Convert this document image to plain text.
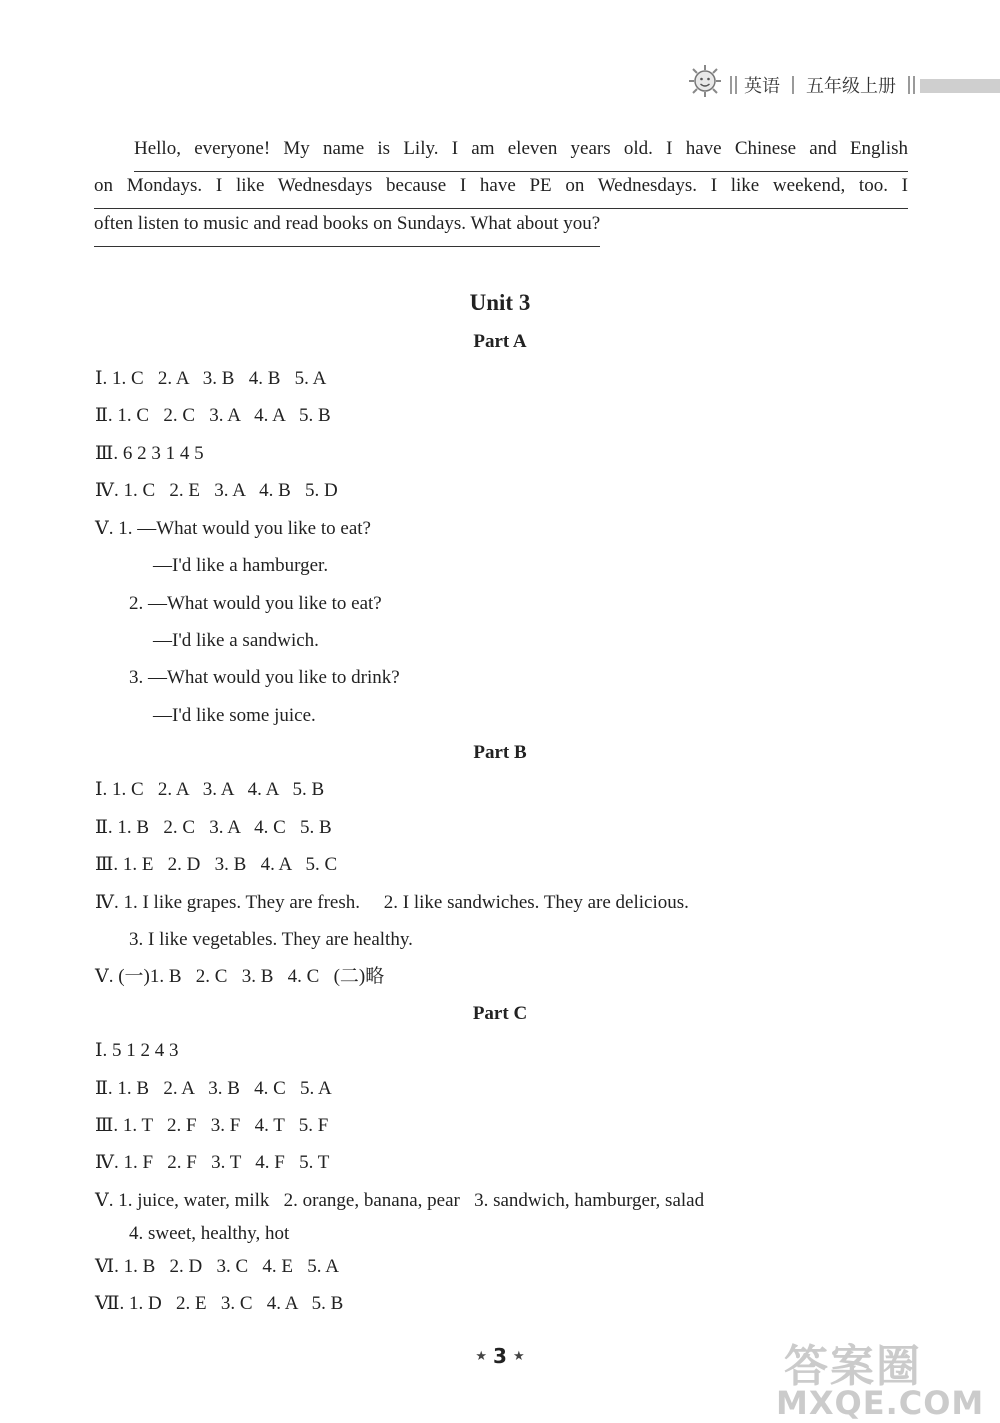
英语 五年级上册
Unit 3
Part A
Ⅰ. 1. C   2. A   3. B   4. B   5. A
Ⅱ. 1. C   2. C   3. A   4. A   5. B
Ⅲ. 6 2 3 1 4 5
Ⅳ. 1. C   2. E   3. A   4. B   5. D
Ⅴ. 1. —What would you like to eat?
—I'd like a hamburger.
2. —What would you like to eat?
—I'd like a sandwich.
3. —What would you like to drink?
—I'd like some juice.
Part B
Ⅰ. 1. C   2. A   3. A   4. A   5. B
Ⅱ. 1. B   2. C   3. A   4. C   5. B
Ⅲ. 1. E   2. D   3. B   4. A   5. C
Ⅳ. 1. I like grapes. They are fresh.     2. I like sandwiches. They are delicious.
3. I like vegetables. They are healthy.
Ⅴ. (一)1. B   2. C   3. B   4. C   (二)略
Part C
Ⅰ. 5 1 2 4 3
Ⅱ. 1. B   2. A   3. B   4. C   5. A
Ⅲ. 1. T   2. F   3. F   4. T   5. F
Ⅳ. 1. F   2. F   3. T   4. F   5. T
Ⅴ. 1. juice, water, milk   2. orange, banana, pear   3. sandwich, hamburger, salad
4. sweet, healthy, hot
Ⅵ. 1. B   2. D   3. C   4. E   5. A
Ⅶ. 1. D   2. E   3. C   4. A   5. B
★ 3 ★	答案圈
MXQE.COM
Hello, everyone! My name is Lily. I am eleven years old. I have Chinese and English
on Mondays. I like Wednesdays because I have PE on Wednesdays. I like weekend, too. I
often listen to music and read books on Sundays. What about you?
